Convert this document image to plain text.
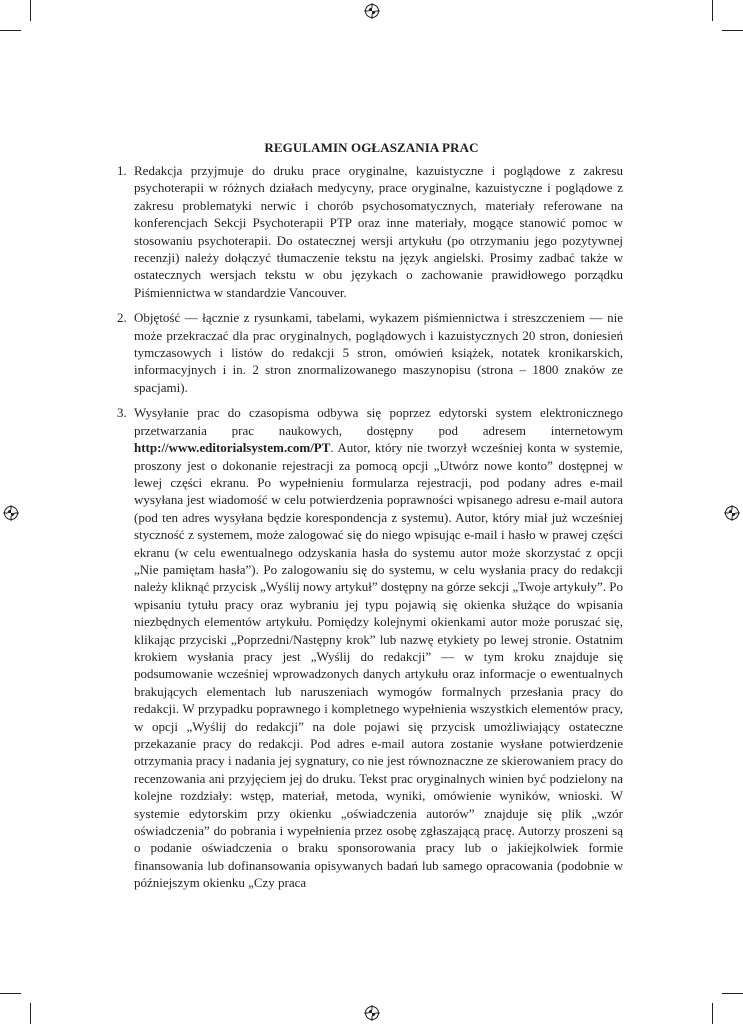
REGULAMIN OGŁASZANIA PRAC
1. Redakcja przyjmuje do druku prace oryginalne, kazuistyczne i poglądowe z zakresu psychoterapii w różnych działach medycyny, prace oryginalne, kazuistyczne i poglądowe z zakresu problematyki nerwic i chorób psychosomatycznych, materiały referowane na konferencjach Sekcji Psychoterapii PTP oraz inne materiały, mogące stanowić pomoc w stosowaniu psychoterapii. Do ostatecznej wersji artykułu (po otrzymaniu jego pozytywnej recenzji) należy dołączyć tłumaczenie tekstu na język angielski. Prosimy zadbać także w ostatecznych wersjach tekstu w obu językach o zachowanie prawidłowego porządku Piśmiennictwa w standardzie Vancouver.
2. Objętość — łącznie z rysunkami, tabelami, wykazem piśmiennictwa i streszczeniem — nie może przekraczać dla prac oryginalnych, poglądowych i kazuistycznych 20 stron, doniesień tymczasowych i listów do redakcji 5 stron, omówień książek, notatek kronikarskich, informacyjnych i in. 2 stron znormalizowanego maszynopisu (strona – 1800 znaków ze spacjami).
3. Wysyłanie prac do czasopisma odbywa się poprzez edytorski system elektronicznego przetwarzania prac naukowych, dostępny pod adresem internetowym http://www.editorialsystem.com/PT. Autor, który nie tworzył wcześniej konta w systemie, proszony jest o dokonanie rejestracji za pomocą opcji „Utwórz nowe konto” dostępnej w lewej części ekranu. Po wypełnieniu formularza rejestracji, pod podany adres e-mail wysyłana jest wiadomość w celu potwierdzenia poprawności wpisanego adresu e-mail autora (pod ten adres wysyłana będzie korespondencja z systemu). Autor, który miał już wcześniej styczność z systemem, może zalogować się do niego wpisując e-mail i hasło w prawej części ekranu (w celu ewentualnego odzyskania hasła do systemu autor może skorzystać z opcji „Nie pamiętam hasła”). Po zalogowaniu się do systemu, w celu wysłania pracy do redakcji należy kliknąć przycisk „Wyślij nowy artykuł” dostępny na górze sekcji „Twoje artykuły”. Po wpisaniu tytułu pracy oraz wybraniu jej typu pojawią się okienka służące do wpisania niezbędnych elementów artykułu. Pomiędzy kolejnymi okienkami autor może poruszać się, klikając przyciski „Poprzedni/Następny krok” lub nazwę etykiety po lewej stronie. Ostatnim krokiem wysłania pracy jest „Wyślij do redakcji” — w tym kroku znajduje się podsumowanie wcześniej wprowadzonych danych artykułu oraz informacje o ewentualnych brakujących elementach lub naruszeniach wymogów formalnych przesłania pracy do redakcji. W przypadku poprawnego i kompletnego wypełnienia wszystkich elementów pracy, w opcji „Wyślij do redakcji” na dole pojawi się przycisk umożliwiający ostateczne przekazanie pracy do redakcji. Pod adres e-mail autora zostanie wysłane potwierdzenie otrzymania pracy i nadania jej sygnatury, co nie jest równoznaczne ze skierowaniem pracy do recenzowania ani przyjęciem jej do druku. Tekst prac oryginalnych winien być podzielony na kolejne rozdziały: wstęp, materiał, metoda, wyniki, omówienie wyników, wnioski. W systemie edytorskim przy okienku „oświadczenia autorów” znajduje się plik „wzór oświadczenia” do pobrania i wypełnienia przez osobę zgłaszającą pracę. Autorzy proszeni są o podanie oświadczenia o braku sponsorowania pracy lub o jakiejkolwiek formie finansowania lub dofinansowania opisywanych badań lub samego opracowania (podobnie w późniejszym okienku „Czy praca
